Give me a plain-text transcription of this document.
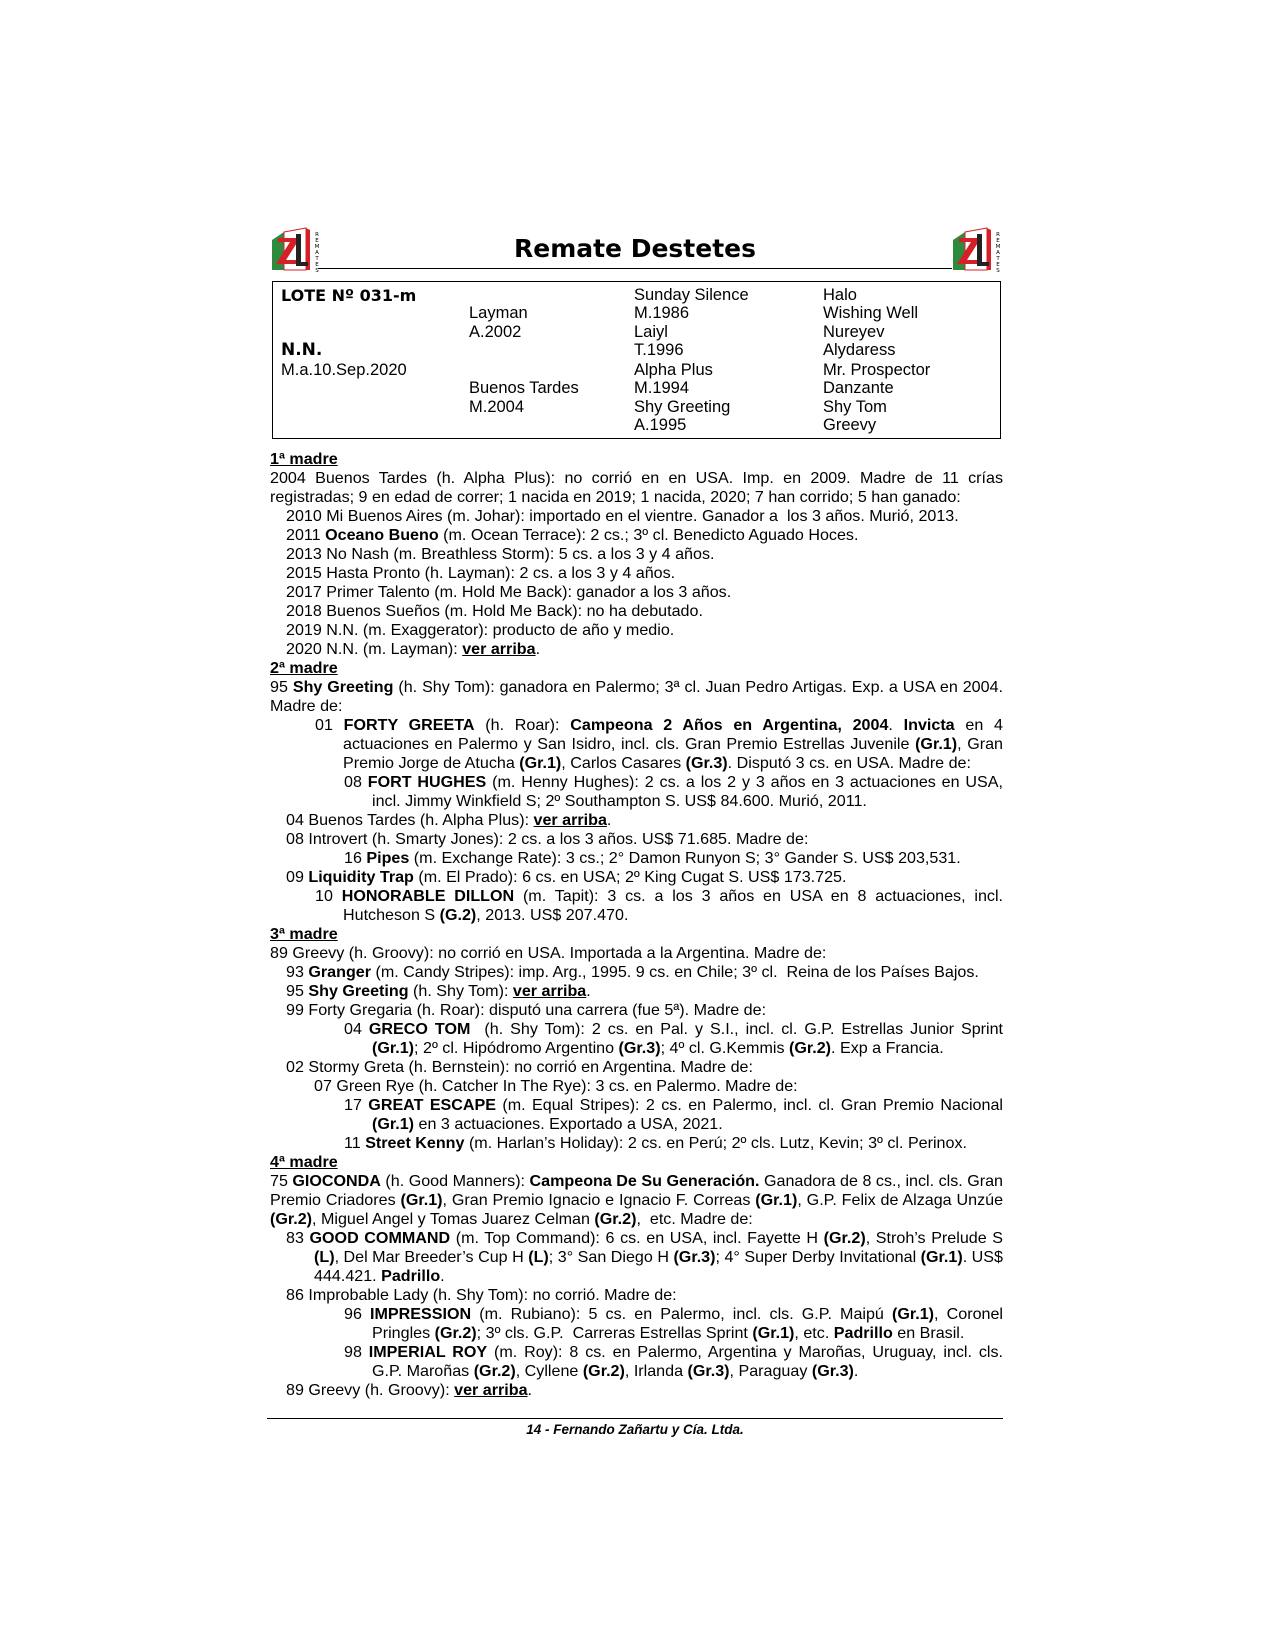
R
E
M
A
T
E
S
Remate Destetes	R
E
M
A
T
E
S
LOTE Nº 031-m
N.N.
M.a.10.Sep.2020
Layman
A.2002
Buenos Tardes
M.2004
Sunday Silence
M.1986
Laiyl
T.1996
Alpha Plus
M.1994
Shy Greeting
A.1995
Halo
Wishing Well
Nureyev
Alydaress
Mr. Prospector
Danzante
Shy Tom
Greevy

1ª madre

2004 Buenos Tardes (h. Alpha Plus): no corrió en en USA. Imp. en 2009. Madre de 11 crías registradas; 9 en edad de correr; 1 nacida en 2019; 1 nacida, 2020; 7 han corrido; 5 han ganado:

2010 Mi Buenos Aires (m. Johar): importado en el vientre. Ganador a  los 3 años. Murió, 2013.

2011 Oceano Bueno (m. Ocean Terrace): 2 cs.; 3º cl. Benedicto Aguado Hoces.

2013 No Nash (m. Breathless Storm): 5 cs. a los 3 y 4 años.

2015 Hasta Pronto (h. Layman): 2 cs. a los 3 y 4 años.

2017 Primer Talento (m. Hold Me Back): ganador a los 3 años.

2018 Buenos Sueños (m. Hold Me Back): no ha debutado.

2019 N.N. (m. Exaggerator): producto de año y medio.

2020 N.N. (m. Layman): ver arriba.

2ª madre

95 Shy Greeting (h. Shy Tom): ganadora en Palermo; 3ª cl. Juan Pedro Artigas. Exp. a USA en 2004. Madre de:

01 FORTY GREETA (h. Roar): Campeona 2 Años en Argentina, 2004. Invicta en 4 actuaciones en Palermo y San Isidro, incl. cls. Gran Premio Estrellas Juvenile (Gr.1), Gran Premio Jorge de Atucha (Gr.1), Carlos Casares (Gr.3). Disputó 3 cs. en USA. Madre de:

08 FORT HUGHES (m. Henny Hughes): 2 cs. a los 2 y 3 años en 3 actuaciones en USA, incl. Jimmy Winkfield S; 2º Southampton S. US$ 84.600. Murió, 2011.

04 Buenos Tardes (h. Alpha Plus): ver arriba.

08 Introvert (h. Smarty Jones): 2 cs. a los 3 años. US$ 71.685. Madre de:

16 Pipes (m. Exchange Rate): 3 cs.; 2° Damon Runyon S; 3° Gander S. US$ 203,531.

09 Liquidity Trap (m. El Prado): 6 cs. en USA; 2º King Cugat S. US$ 173.725.

10 HONORABLE DILLON (m. Tapit): 3 cs. a los 3 años en USA en 8 actuaciones, incl. Hutcheson S (G.2), 2013. US$ 207.470.

3ª madre

89 Greevy (h. Groovy): no corrió en USA. Importada a la Argentina. Madre de:

93 Granger (m. Candy Stripes): imp. Arg., 1995. 9 cs. en Chile; 3º cl.  Reina de los Países Bajos.

95 Shy Greeting (h. Shy Tom): ver arriba.

99 Forty Gregaria (h. Roar): disputó una carrera (fue 5ª). Madre de:

04 GRECO TOM  (h. Shy Tom): 2 cs. en Pal. y S.I., incl. cl. G.P. Estrellas Junior Sprint (Gr.1); 2º cl. Hipódromo Argentino (Gr.3); 4º cl. G.Kemmis (Gr.2). Exp a Francia.

02 Stormy Greta (h. Bernstein): no corrió en Argentina. Madre de:

07 Green Rye (h. Catcher In The Rye): 3 cs. en Palermo. Madre de:

17 GREAT ESCAPE (m. Equal Stripes): 2 cs. en Palermo, incl. cl. Gran Premio Nacional (Gr.1) en 3 actuaciones. Exportado a USA, 2021.

11 Street Kenny (m. Harlan’s Holiday): 2 cs. en Perú; 2º cls. Lutz, Kevin; 3º cl. Perinox.

4ª madre

75 GIOCONDA (h. Good Manners): Campeona De Su Generación. Ganadora de 8 cs., incl. cls. Gran Premio Criadores (Gr.1), Gran Premio Ignacio e Ignacio F. Correas (Gr.1), G.P. Felix de Alzaga Unzúe (Gr.2), Miguel Angel y Tomas Juarez Celman (Gr.2),  etc. Madre de:

83 GOOD COMMAND (m. Top Command): 6 cs. en USA, incl. Fayette H (Gr.2), Stroh’s Prelude S (L), Del Mar Breeder’s Cup H (L); 3° San Diego H (Gr.3); 4° Super Derby Invitational (Gr.1). US$ 444.421. Padrillo.

86 Improbable Lady (h. Shy Tom): no corrió. Madre de:

96 IMPRESSION (m. Rubiano): 5 cs. en Palermo, incl. cls. G.P. Maipú (Gr.1), Coronel Pringles (Gr.2); 3º cls. G.P.  Carreras Estrellas Sprint (Gr.1), etc. Padrillo en Brasil.

98 IMPERIAL ROY (m. Roy): 8 cs. en Palermo, Argentina y Maroñas, Uruguay, incl. cls. G.P. Maroñas (Gr.2), Cyllene (Gr.2), Irlanda (Gr.3), Paraguay (Gr.3).

89 Greevy (h. Groovy): ver arriba.

14 - Fernando Zañartu y Cía. Ltda.
